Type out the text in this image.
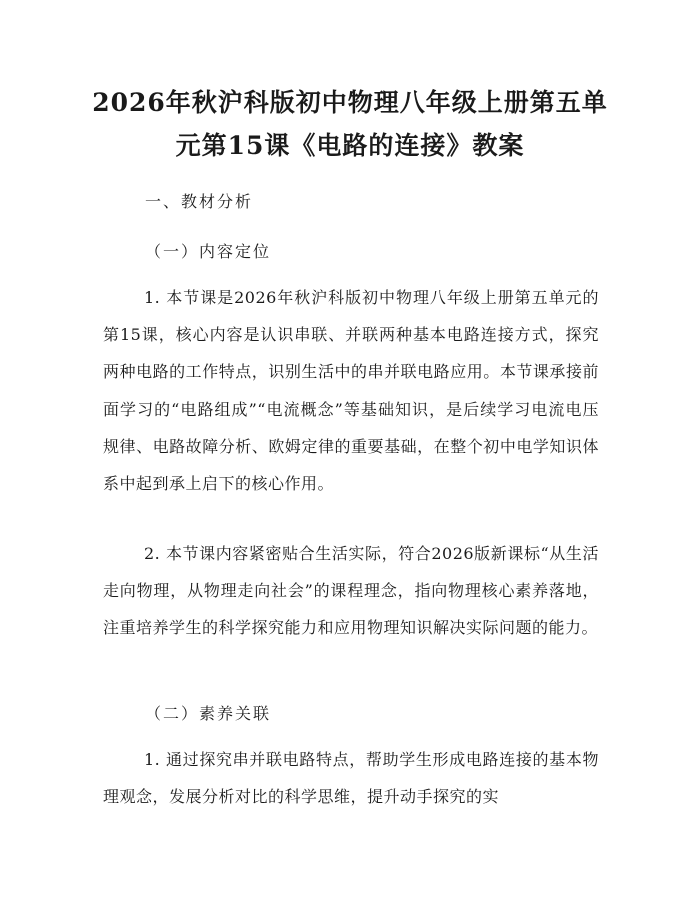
2026年秋沪科版初中物理八年级上册第五单
元第15课《电路的连接》教案
一、教材分析
（一）内容定位
1. 本节课是2026年秋沪科版初中物理八年级上册第五单元的第15课，核心内容是认识串联、并联两种基本电路连接方式，探究两种电路的工作特点，识别生活中的串并联电路应用。本节课承接前面学习的“电路组成”“电流概念”等基础知识，是后续学习电流电压规律、电路故障分析、欧姆定律的重要基础，在整个初中电学知识体系中起到承上启下的核心作用。
2. 本节课内容紧密贴合生活实际，符合2026版新课标“从生活走向物理，从物理走向社会”的课程理念，指向物理核心素养落地，注重培养学生的科学探究能力和应用物理知识解决实际问题的能力。
（二）素养关联
1. 通过探究串并联电路特点，帮助学生形成电路连接的基本物理观念，发展分析对比的科学思维，提升动手探究的实
